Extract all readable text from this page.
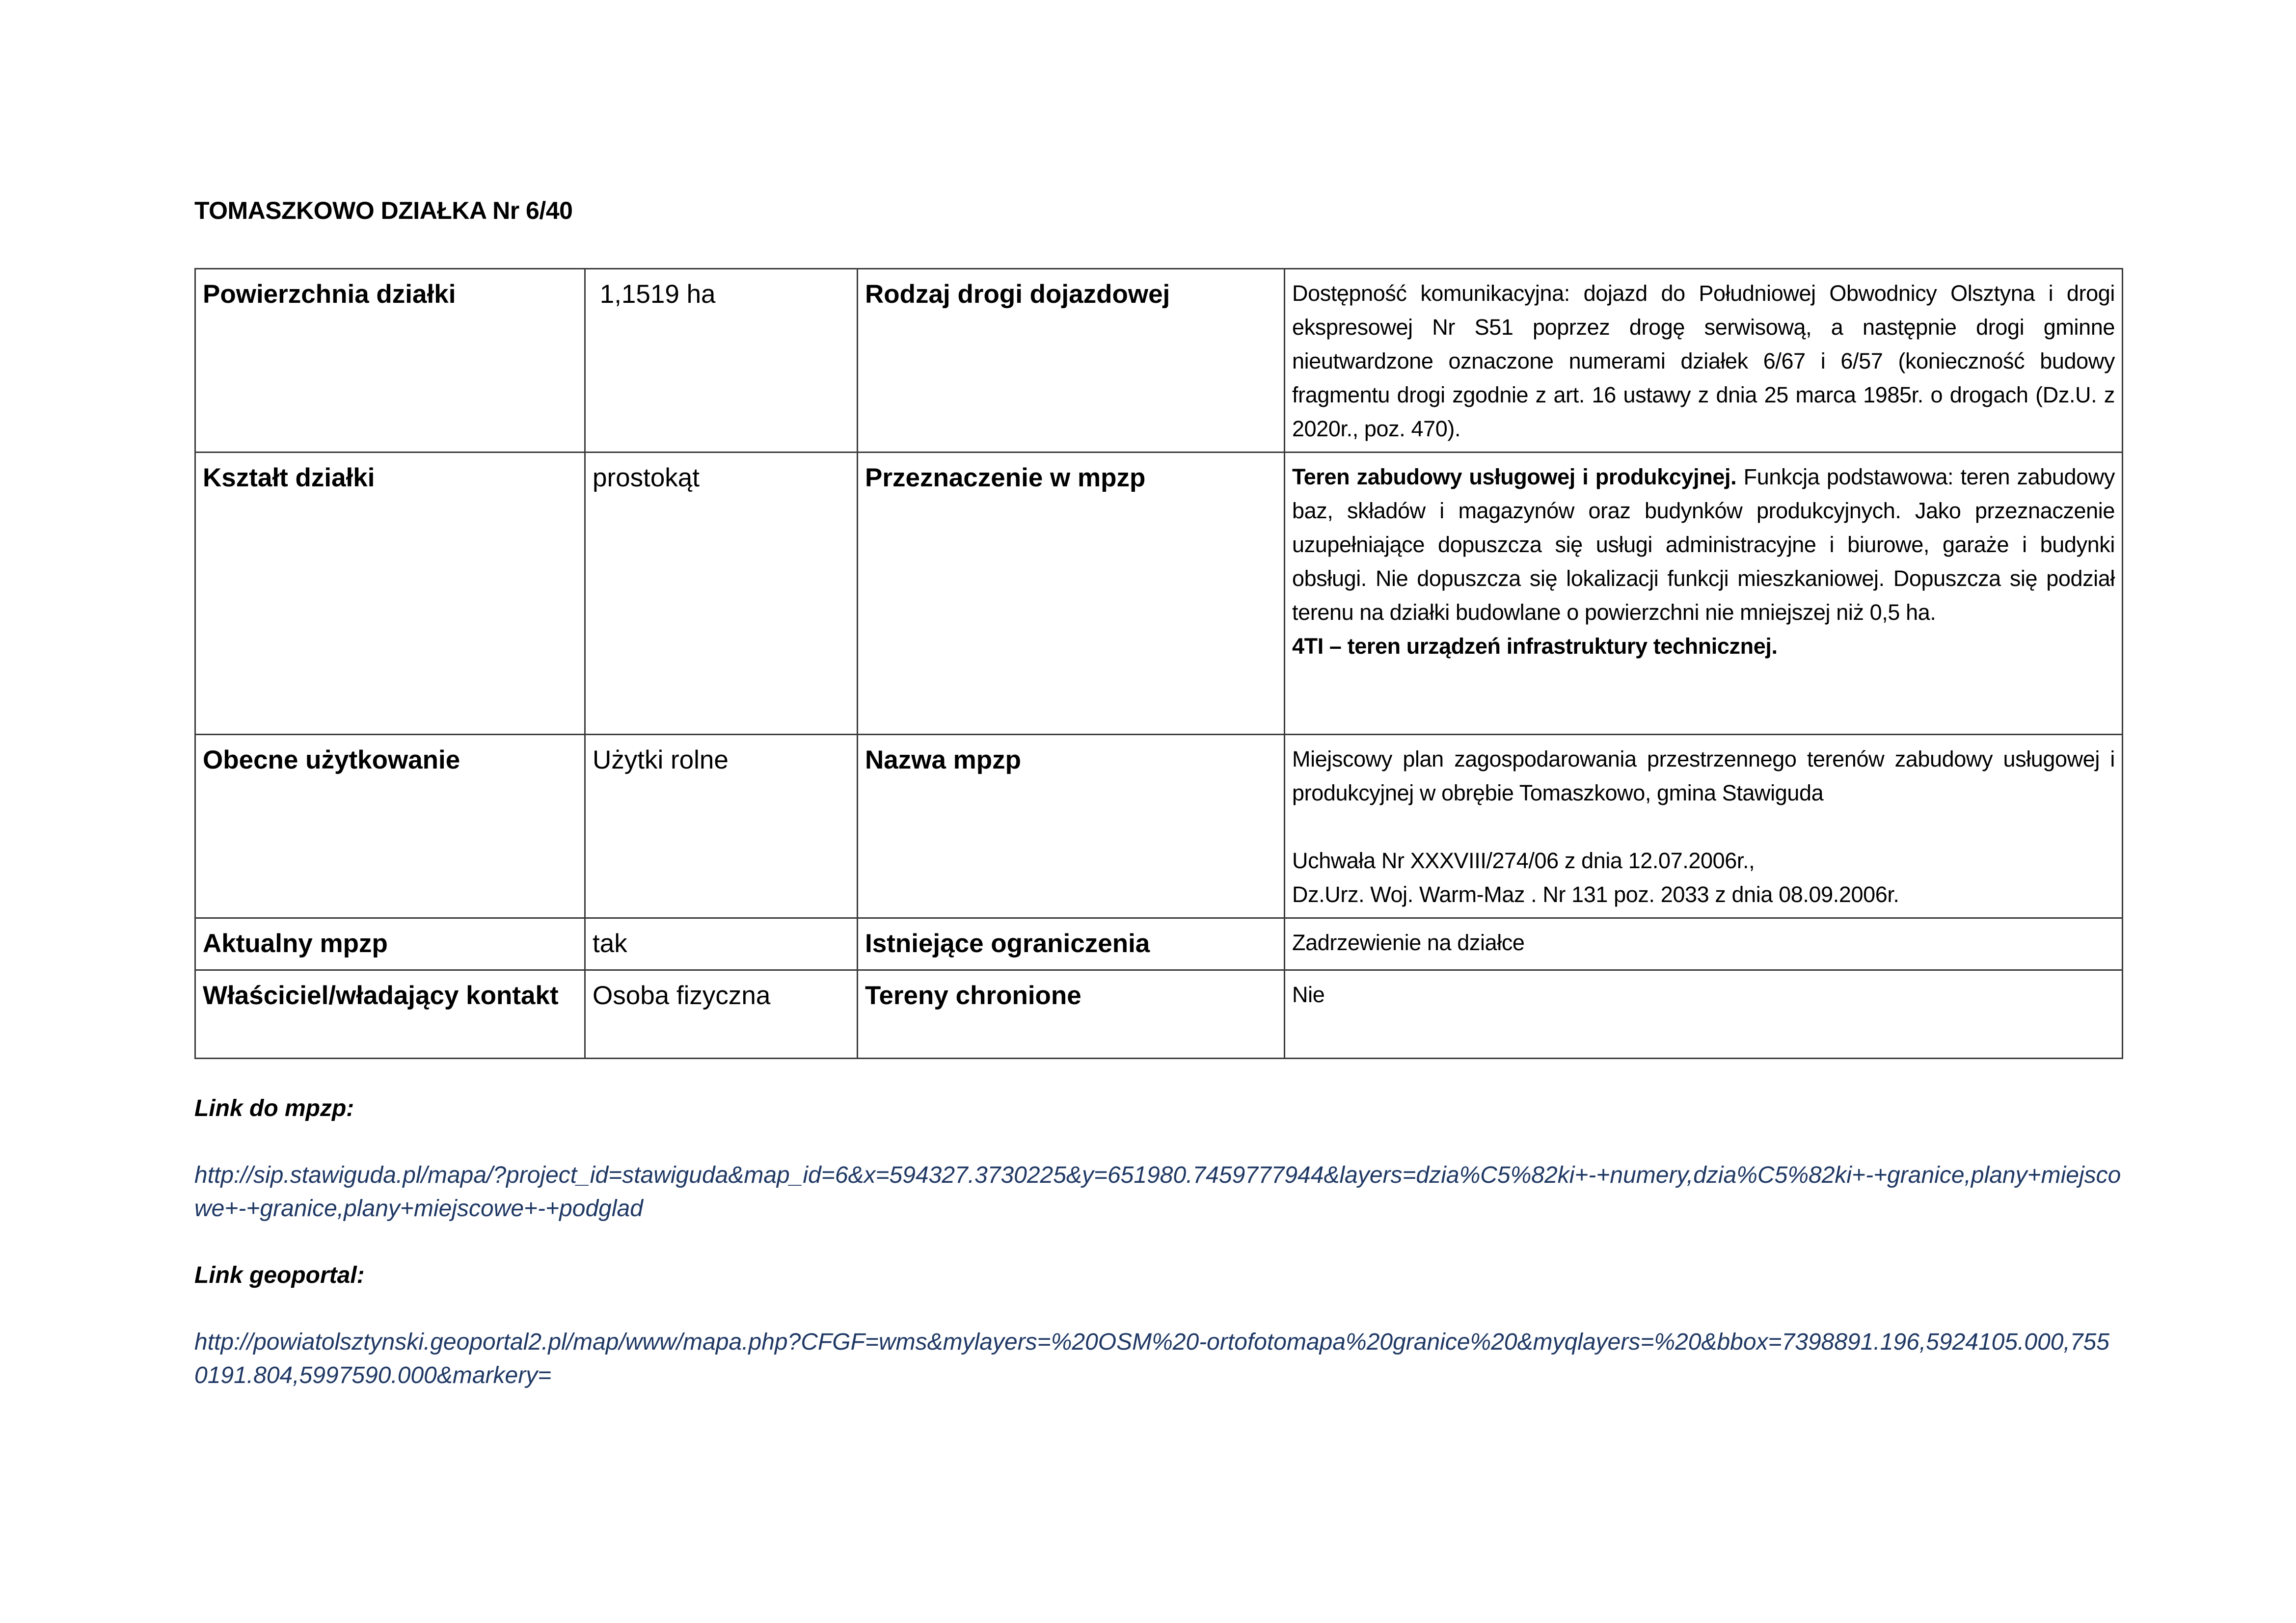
TOMASZKOWO DZIAŁKA Nr 6/40
Powierzchnia działki	1,1519 ha	Rodzaj drogi dojazdowej	Dostępność komunikacyjna: dojazd do Południowej Obwodnicy Olsztyna i drogi ekspresowej Nr S51 poprzez drogę serwisową, a następnie drogi gminne nieutwardzone oznaczone numerami działek 6/67 i 6/57 (konieczność budowy fragmentu drogi zgodnie z art. 16 ustawy z dnia 25 marca 1985r. o drogach (Dz.U. z 2020r., poz. 470).
Kształt działki	prostokąt	Przeznaczenie w mpzp	Teren zabudowy usługowej i produkcyjnej. Funkcja podstawowa: teren zabudowy baz, składów i magazynów oraz budynków produkcyjnych. Jako przeznaczenie uzupełniające dopuszcza się usługi administracyjne i biurowe, garaże i budynki obsługi. Nie dopuszcza się lokalizacji funkcji mieszkaniowej. Dopuszcza się podział terenu na działki budowlane o powierzchni nie mniejszej niż 0,5 ha.
4TI – teren urządzeń infrastruktury technicznej.
Obecne użytkowanie	Użytki rolne	Nazwa mpzp	Miejscowy plan zagospodarowania przestrzennego terenów zabudowy usługowej i produkcyjnej w obrębie Tomaszkowo, gmina Stawiguda

Uchwała Nr XXXVIII/274/06 z dnia 12.07.2006r.,

Dz.Urz. Woj. Warm-Maz . Nr 131 poz. 2033 z dnia 08.09.2006r.

Aktualny mpzp	tak	Istniejące ograniczenia	Zadrzewienie na działce
Właściciel/władający kontakt	Osoba fizyczna	Tereny chronione	Nie
Link do mpzp:
http://sip.stawiguda.pl/mapa/?project_id=stawiguda&map_id=6&x=594327.3730225&y=651980.7459777944&layers=dzia%C5%82ki+-+numery,dzia%C5%82ki+-+granice,plany+miejscowe+-+granice,plany+miejscowe+-+podglad
Link geoportal:
http://powiatolsztynski.geoportal2.pl/map/www/mapa.php?CFGF=wms&mylayers=%20OSM%20-ortofotomapa%20granice%20&myqlayers=%20&bbox=7398891.196,5924105.000,7550191.804,5997590.000&markery=
